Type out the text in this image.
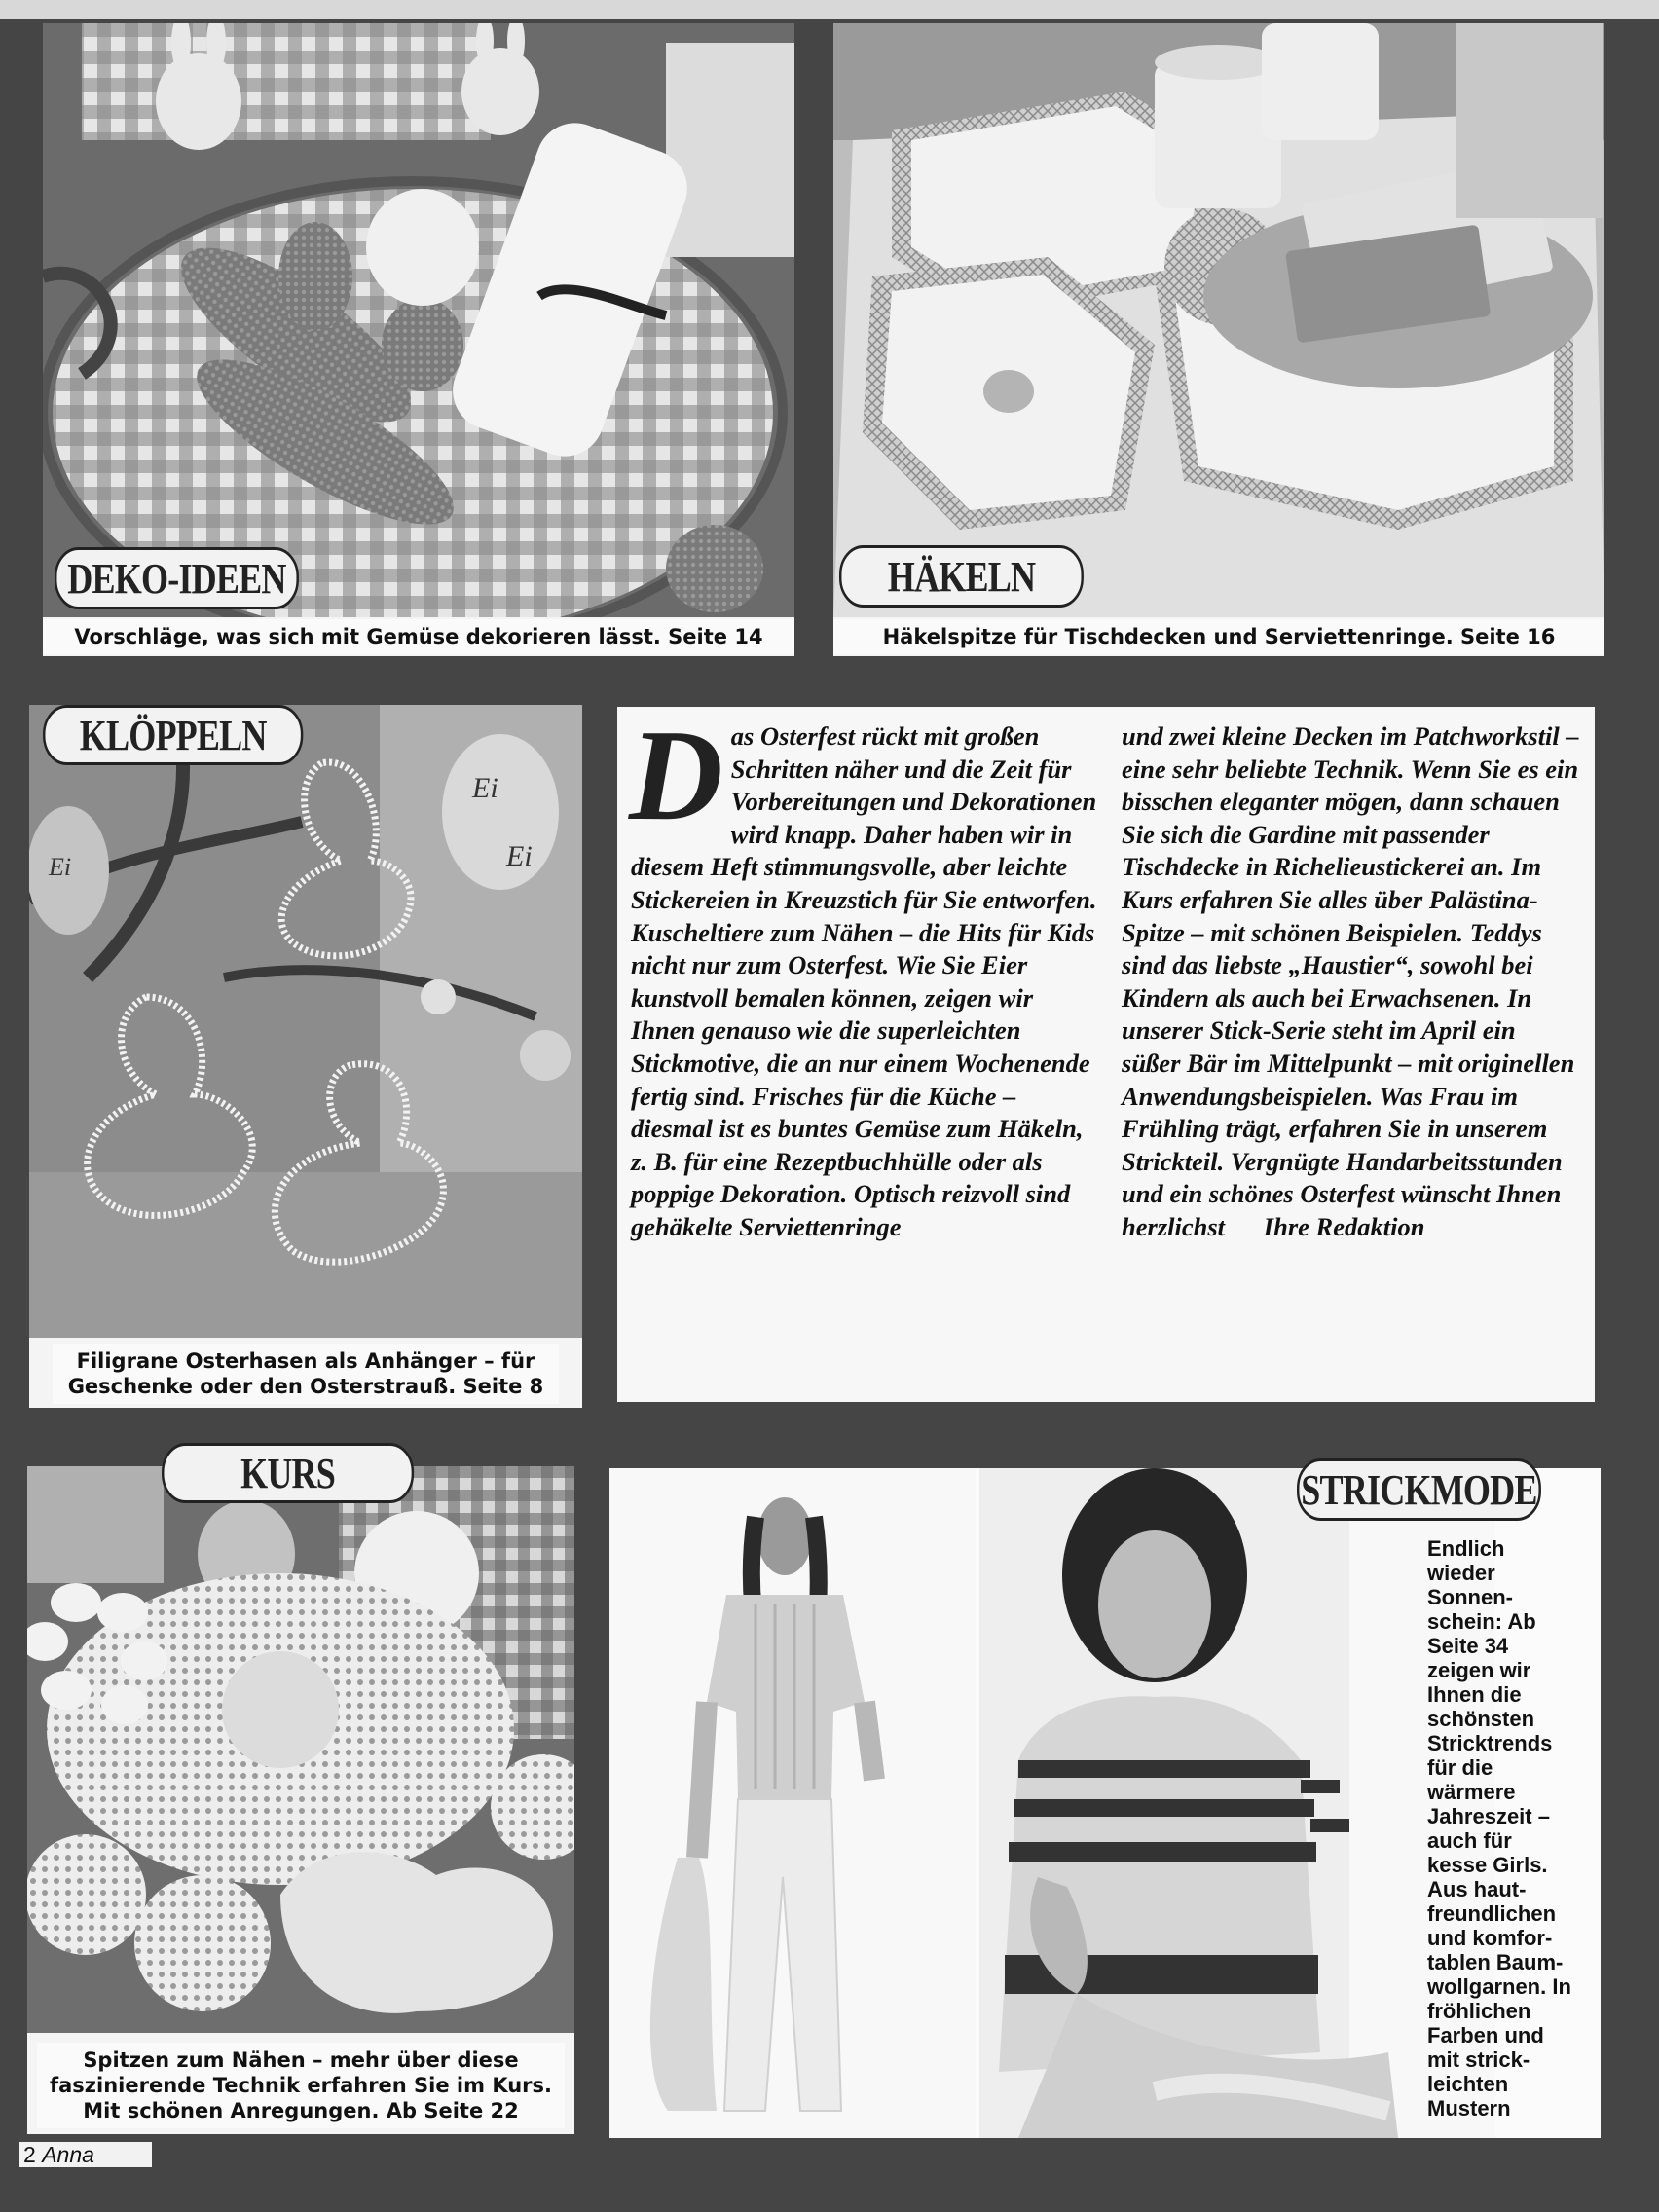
DEKO-IDEEN
Vorschläge, was sich mit Gemüse dekorieren lässt. Seite 14
HÄKELN
Häkelspitze für Tischdecken und Serviettenringe. Seite 16
Ei
Ei
Ei
KLÖPPELN
Filigrane Osterhasen als Anhänger – für Geschenke oder den Osterstrauß. Seite 8
D as Osterfest rückt mit großen Schritten näher und die Zeit für Vorbereitungen und Dekorationen wird knapp. Daher haben wir in diesem Heft stimmungsvolle, aber leichte Stickereien in Kreuzstich für Sie entworfen. Kuscheltiere zum Nähen – die Hits für Kids nicht nur zum Osterfest. Wie Sie Eier kunstvoll bemalen können, zeigen wir Ihnen genauso wie die superleichten Stickmotive, die an nur einem Wochenende fertig sind. Frisches für die Küche – diesmal ist es buntes Gemüse zum Häkeln, z. B. für eine Rezeptbuchhülle oder als poppige Dekoration. Optisch reizvoll sind gehäkelte Serviettenringe

und zwei kleine Decken im Patchworkstil – eine sehr beliebte Technik. Wenn Sie es ein bisschen eleganter mögen, dann schauen Sie sich die Gardine mit passender Tischdecke in Richelieustickerei an. Im Kurs erfahren Sie alles über Palästina-Spitze – mit schönen Beispielen. Teddys sind das liebste „Haustier“, sowohl bei Kindern als auch bei Erwachsenen. In unserer Stick-Serie steht im April ein süßer Bär im Mittelpunkt – mit originellen Anwendungsbeispielen. Was Frau im Frühling trägt, erfahren Sie in unserem Strickteil. Vergnügte Handarbeitsstunden und ein schönes Osterfest wünscht Ihnen herzlichst Ihre Redaktion

KURS
Spitzen zum Nähen – mehr über diese faszinierende Technik erfahren Sie im Kurs. Mit schönen Anregungen. Ab Seite 22
STRICKMODE
Endlich wieder Sonnen-schein: Ab Seite 34 zeigen wir Ihnen die schönsten Stricktrends für die wärmere Jahreszeit – auch für kesse Girls. Aus haut-freundlichen und komfor-tablen Baum-wollgarnen. In fröhlichen Farben und mit strick-leichten Mustern
2
Anna
